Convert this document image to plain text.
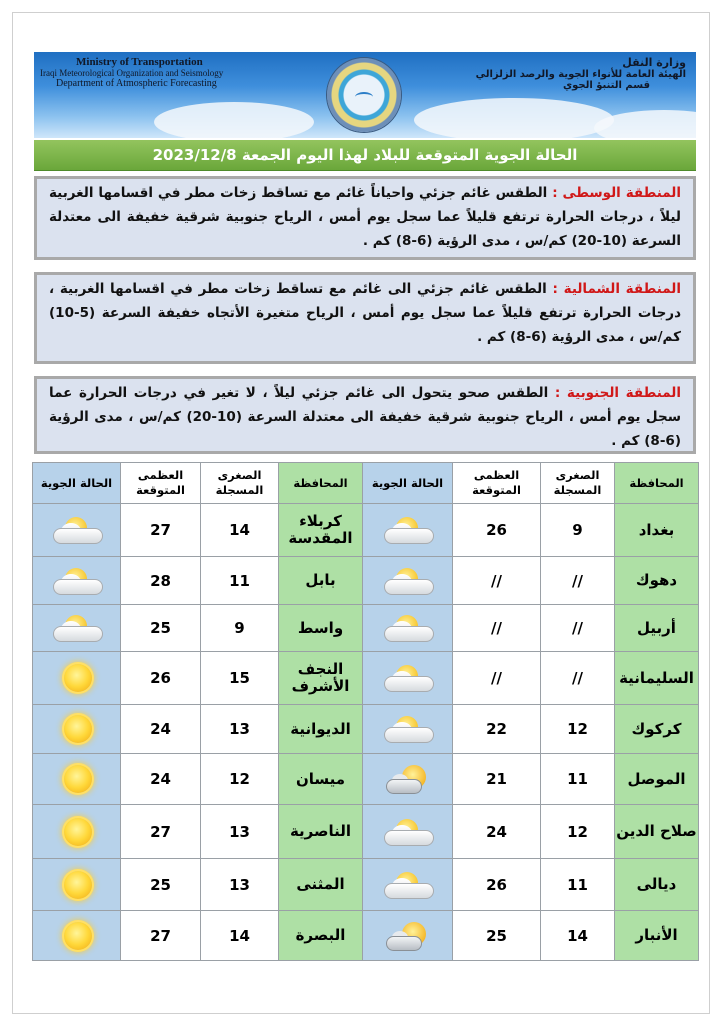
Ministry of Transportation
Iraqi Meteorological Organization and Seismology
Department of Atmospheric Forecasting
وزارة النقل
الهيئة العامة للأنواء الجوية والرصد الزلزالي
قسم التنبؤ الجوي
الحالة الجوية المتوقعة للبلاد لهذا اليوم الجمعة 2023/12/8
المنطقة الوسطى : الطقس غائم جزئي واحياناً غائم مع تساقط زخات مطر في اقسامها الغربية ليلاً ، درجات الحرارة ترتفع قليلاً عما سجل يوم أمس ، الرياح جنوبية شرقية خفيفة الى معتدلة السرعة (10-20) كم/س ، مدى الرؤية (6-8) كم .
المنطقة الشمالية : الطقس غائم جزئي الى غائم مع تساقط زخات مطر في اقسامها الغربية ، درجات الحرارة ترتفع قليلاً عما سجل يوم أمس ، الرياح متغيرة الأتجاه خفيفة السرعة (5-10) كم/س ، مدى الرؤية (6-8) كم .
المنطقة الجنوبية : الطقس صحو يتحول الى غائم جزئي ليلاً ، لا تغير في درجات الحرارة عما سجل يوم أمس ، الرياح جنوبية شرقية خفيفة الى معتدلة السرعة (10-20) كم/س ، مدى الرؤية (6-8) كم .
المحافظة	الصغرى المسجلة	العظمى المتوقعة	الحالة الجوية	المحافظة	الصغرى المسجلة	العظمى المتوقعة	الحالة الجوية
بغداد	9	26		كربلاء المقدسة	14	27	

دهوك	//	//		بابل	11	28	

أربيل	//	//		واسط	9	25	

السليمانية	//	//		النجف الأشرف	15	26	

كركوك	12	22		الديوانية	13	24	

الموصل	11	21		ميسان	12	24	

صلاح الدين	12	24		الناصرية	13	27	

ديالى	11	26		المثنى	13	25	

الأنبار	14	25		البصرة	14	27	
